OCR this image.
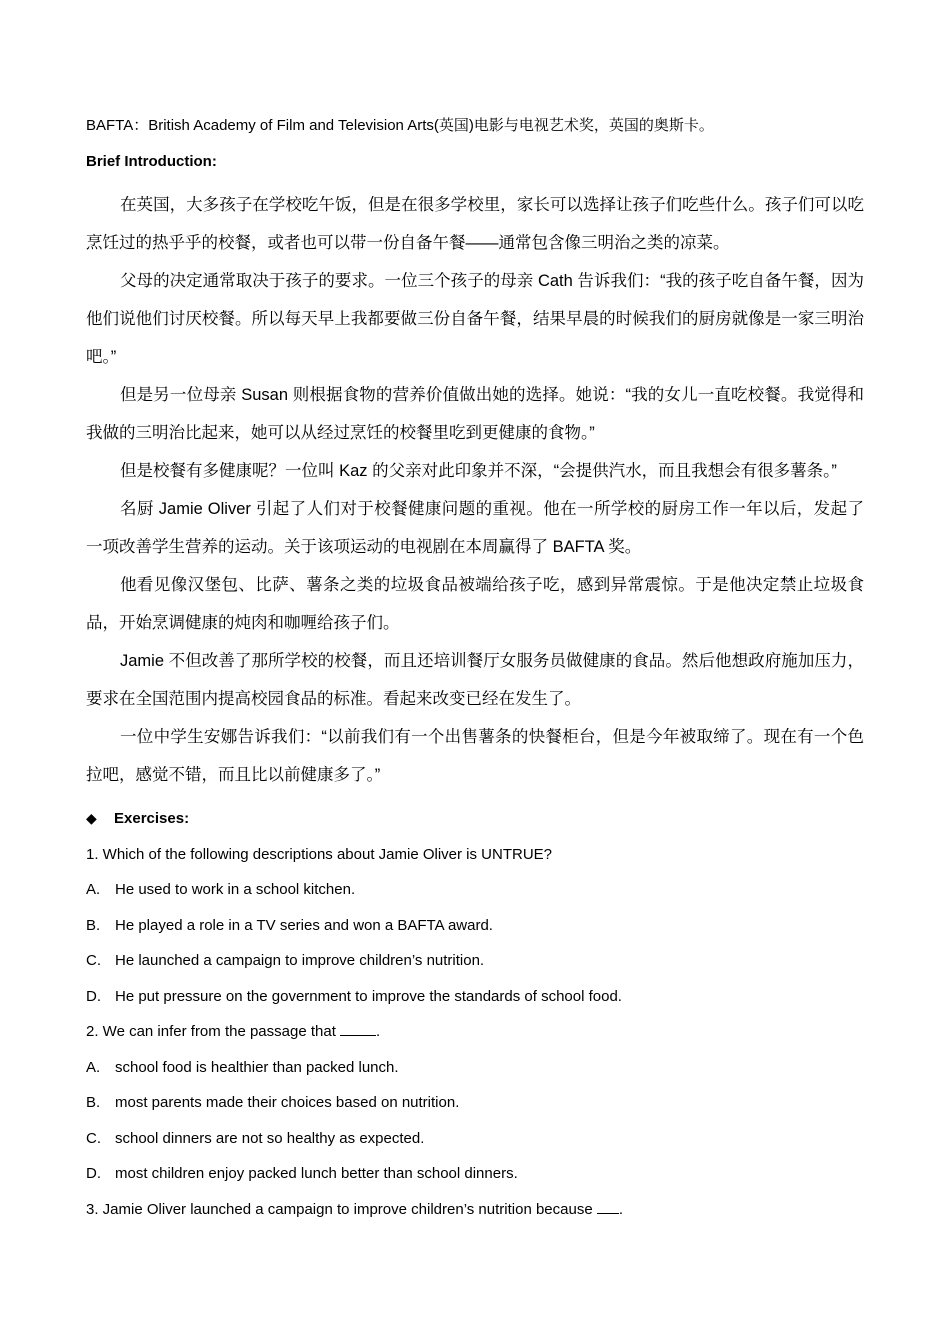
BAFTA：British Academy of Film and Television Arts(英国)电影与电视艺术奖，英国的奥斯卡。
Brief Introduction:

在英国，大多孩子在学校吃午饭，但是在很多学校里，家长可以选择让孩子们吃些什么。孩子们可以吃烹饪过的热乎乎的校餐，或者也可以带一份自备午餐——通常包含像三明治之类的凉菜。

父母的决定通常取决于孩子的要求。一位三个孩子的母亲 Cath 告诉我们：“我的孩子吃自备午餐，因为他们说他们讨厌校餐。所以每天早上我都要做三份自备午餐，结果早晨的时候我们的厨房就像是一家三明治吧。”

但是另一位母亲 Susan 则根据食物的营养价值做出她的选择。她说：“我的女儿一直吃校餐。我觉得和我做的三明治比起来，她可以从经过烹饪的校餐里吃到更健康的食物。”

但是校餐有多健康呢？一位叫 Kaz 的父亲对此印象并不深，“会提供汽水，而且我想会有很多薯条。”

名厨 Jamie Oliver 引起了人们对于校餐健康问题的重视。他在一所学校的厨房工作一年以后，发起了一项改善学生营养的运动。关于该项运动的电视剧在本周赢得了 BAFTA 奖。

他看见像汉堡包、比萨、薯条之类的垃圾食品被端给孩子吃，感到异常震惊。于是他决定禁止垃圾食品，开始烹调健康的炖肉和咖喱给孩子们。

Jamie 不但改善了那所学校的校餐，而且还培训餐厅女服务员做健康的食品。然后他想政府施加压力，要求在全国范围内提高校园食品的标准。看起来改变已经在发生了。

一位中学生安娜告诉我们：“以前我们有一个出售薯条的快餐柜台，但是今年被取缔了。现在有一个色拉吧，感觉不错，而且比以前健康多了。”

◆	Exercises:
1. Which of the following descriptions about Jamie Oliver is UNTRUE?
A. He used to work in a school kitchen.
B. He played a role in a TV series and won a BAFTA award.
C. He launched a campaign to improve children’s nutrition.
D. He put pressure on the government to improve the standards of school food.
2. We can infer from the passage that	.
A. school food is healthier than packed lunch.
B. most parents made their choices based on nutrition.
C. school dinners are not so healthy as expected.
D. most children enjoy packed lunch better than school dinners.
3. Jamie Oliver launched a campaign to improve children’s nutrition because .
